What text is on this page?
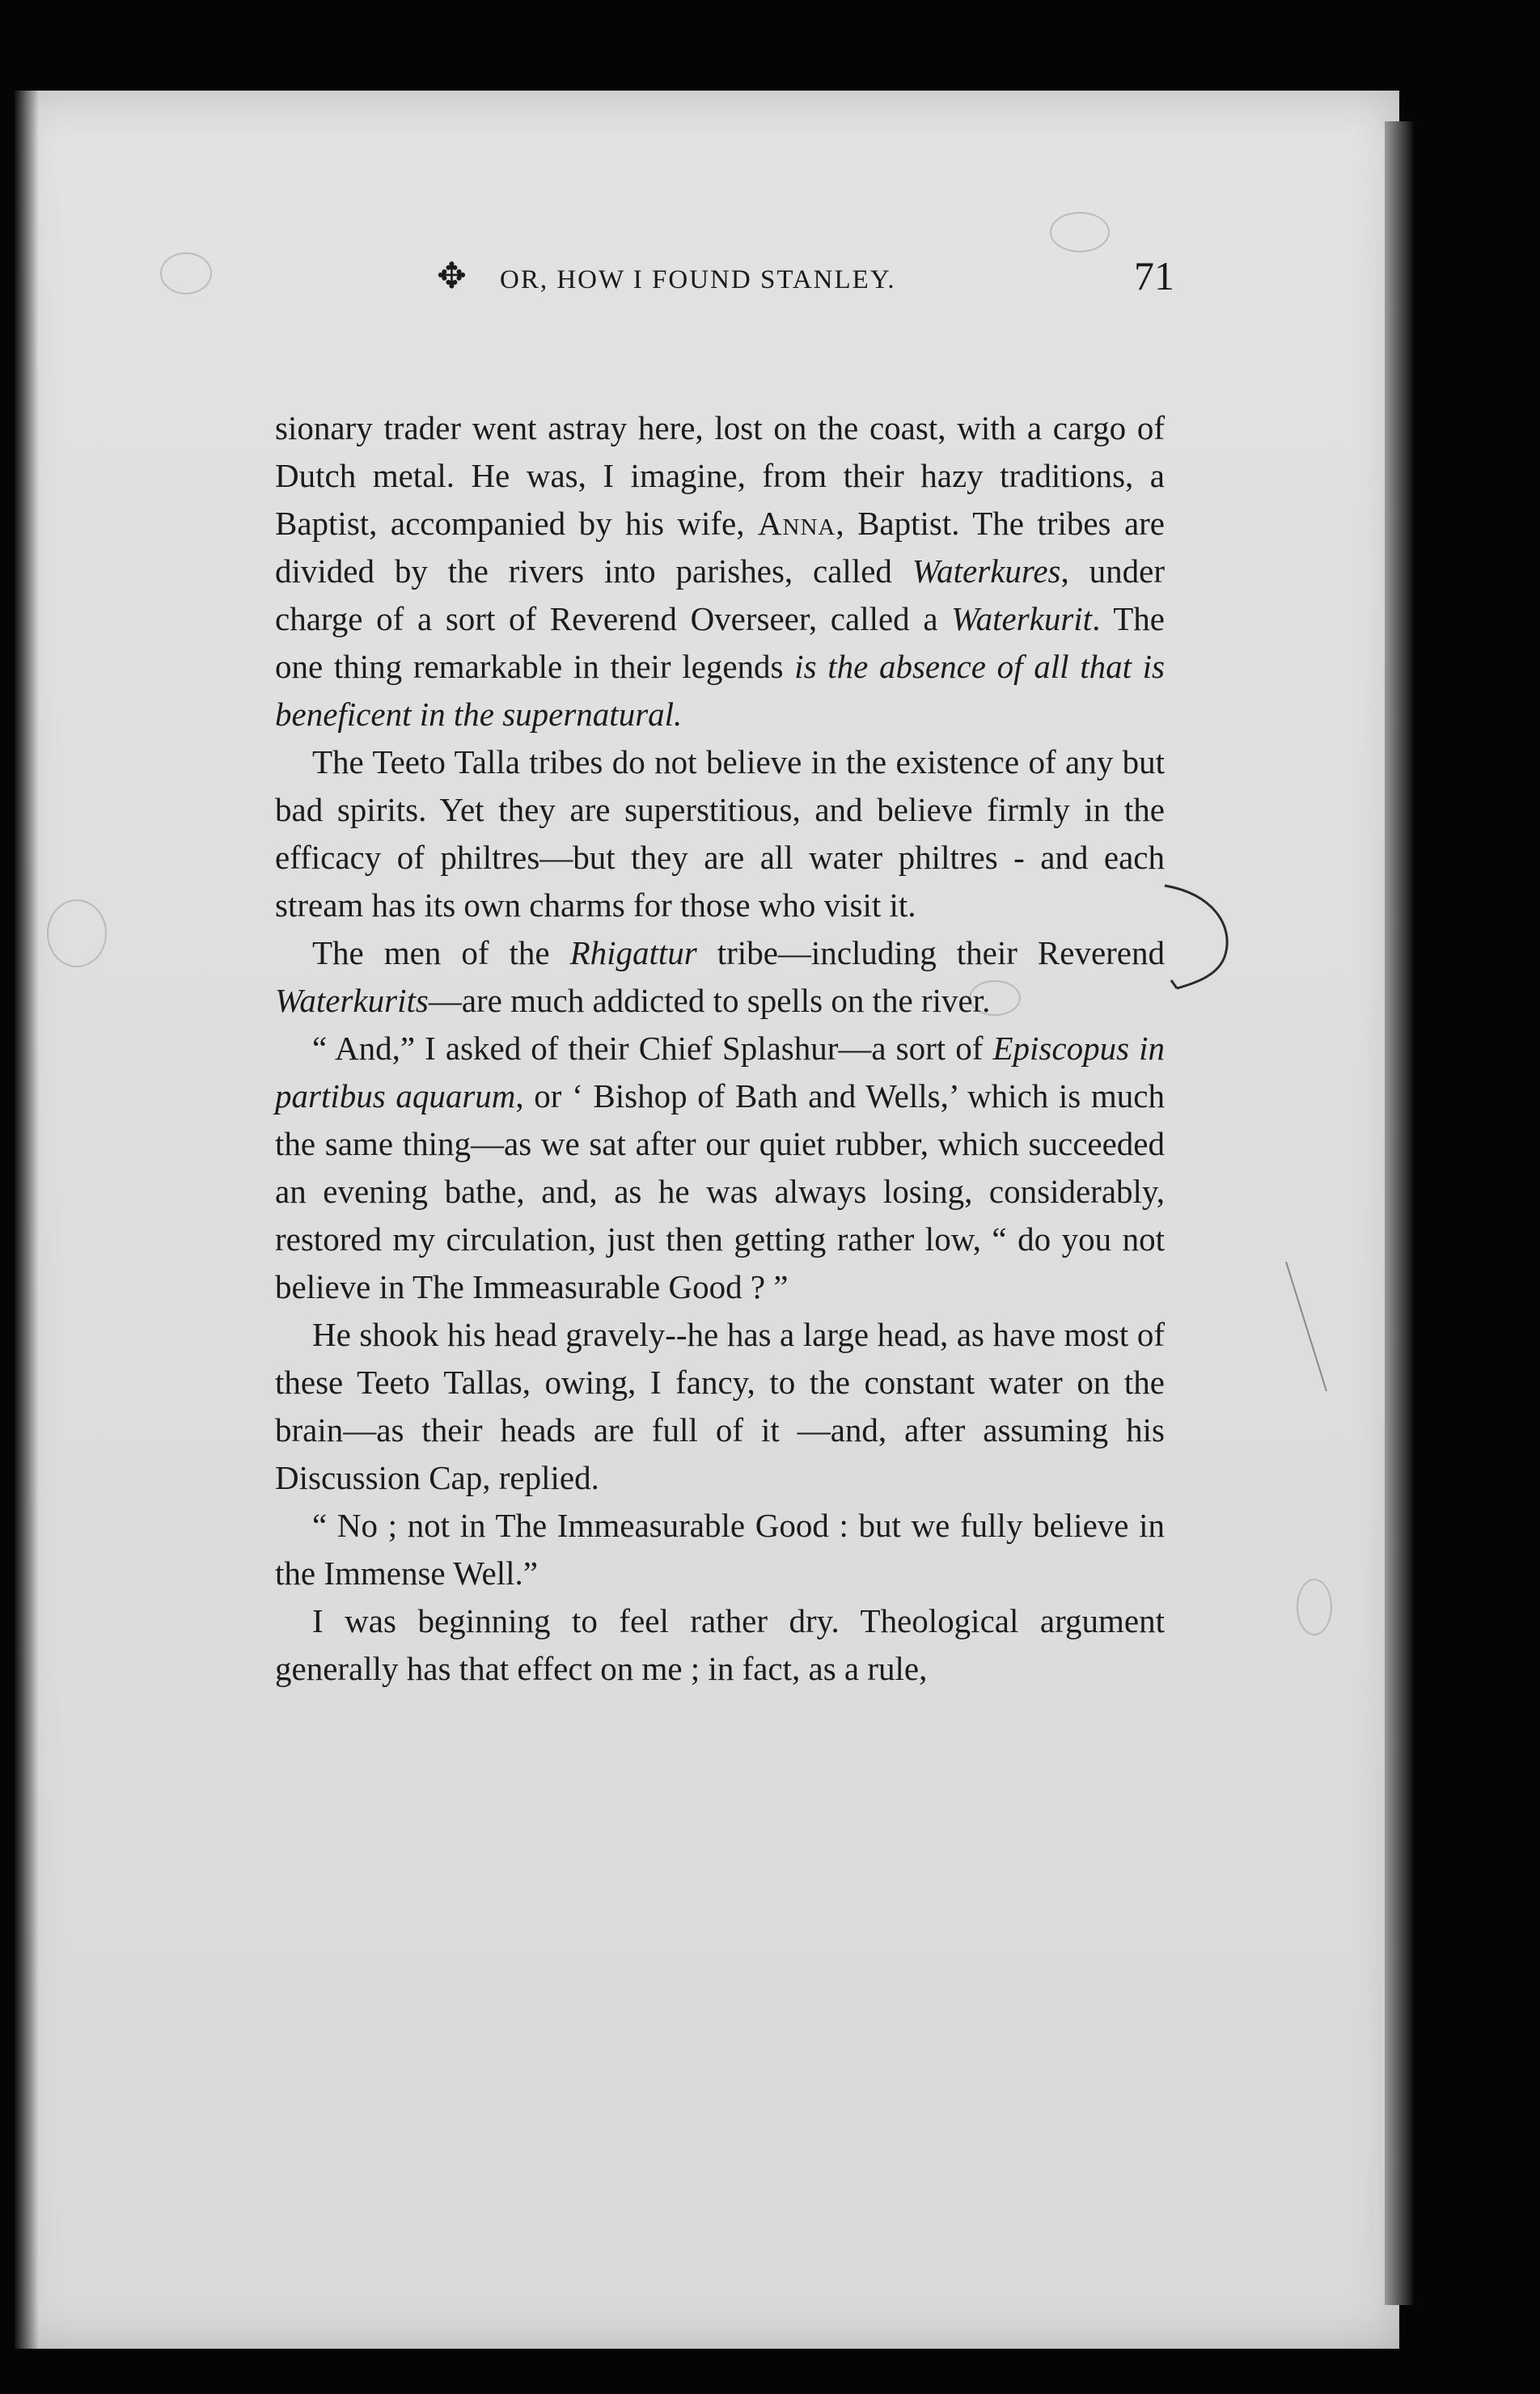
✥ OR, HOW I FOUND STANLEY.	71

sionary trader went astray here, lost on the coast, with a cargo of Dutch metal. He was, I imagine, from their hazy traditions, a Baptist, accompanied by his wife, Anna, Baptist. The tribes are divided by the rivers into parishes, called Waterkures, under charge of a sort of Reverend Overseer, called a Waterkurit. The one thing remarkable in their legends is the absence of all that is beneficent in the supernatural.

The Teeto Talla tribes do not believe in the existence of any but bad spirits. Yet they are superstitious, and believe firmly in the efficacy of philtres—but they are all water philtres - and each stream has its own charms for those who visit it.

The men of the Rhigattur tribe—including their Reverend Waterkurits—are much addicted to spells on the river.

“ And,” I asked of their Chief Splashur—a sort of Episcopus in partibus aquarum, or ‘ Bishop of Bath and Wells,’ which is much the same thing—as we sat after our quiet rubber, which succeeded an evening bathe, and, as he was always losing, considerably, restored my circulation, just then getting rather low, “ do you not believe in The Immeasurable Good ? ”

He shook his head gravely--he has a large head, as have most of these Teeto Tallas, owing, I fancy, to the constant water on the brain—as their heads are full of it —and, after assuming his Discussion Cap, replied.

“ No ; not in The Immeasurable Good : but we fully believe in the Immense Well.”

I was beginning to feel rather dry. Theological argument generally has that effect on me ; in fact, as a rule,
